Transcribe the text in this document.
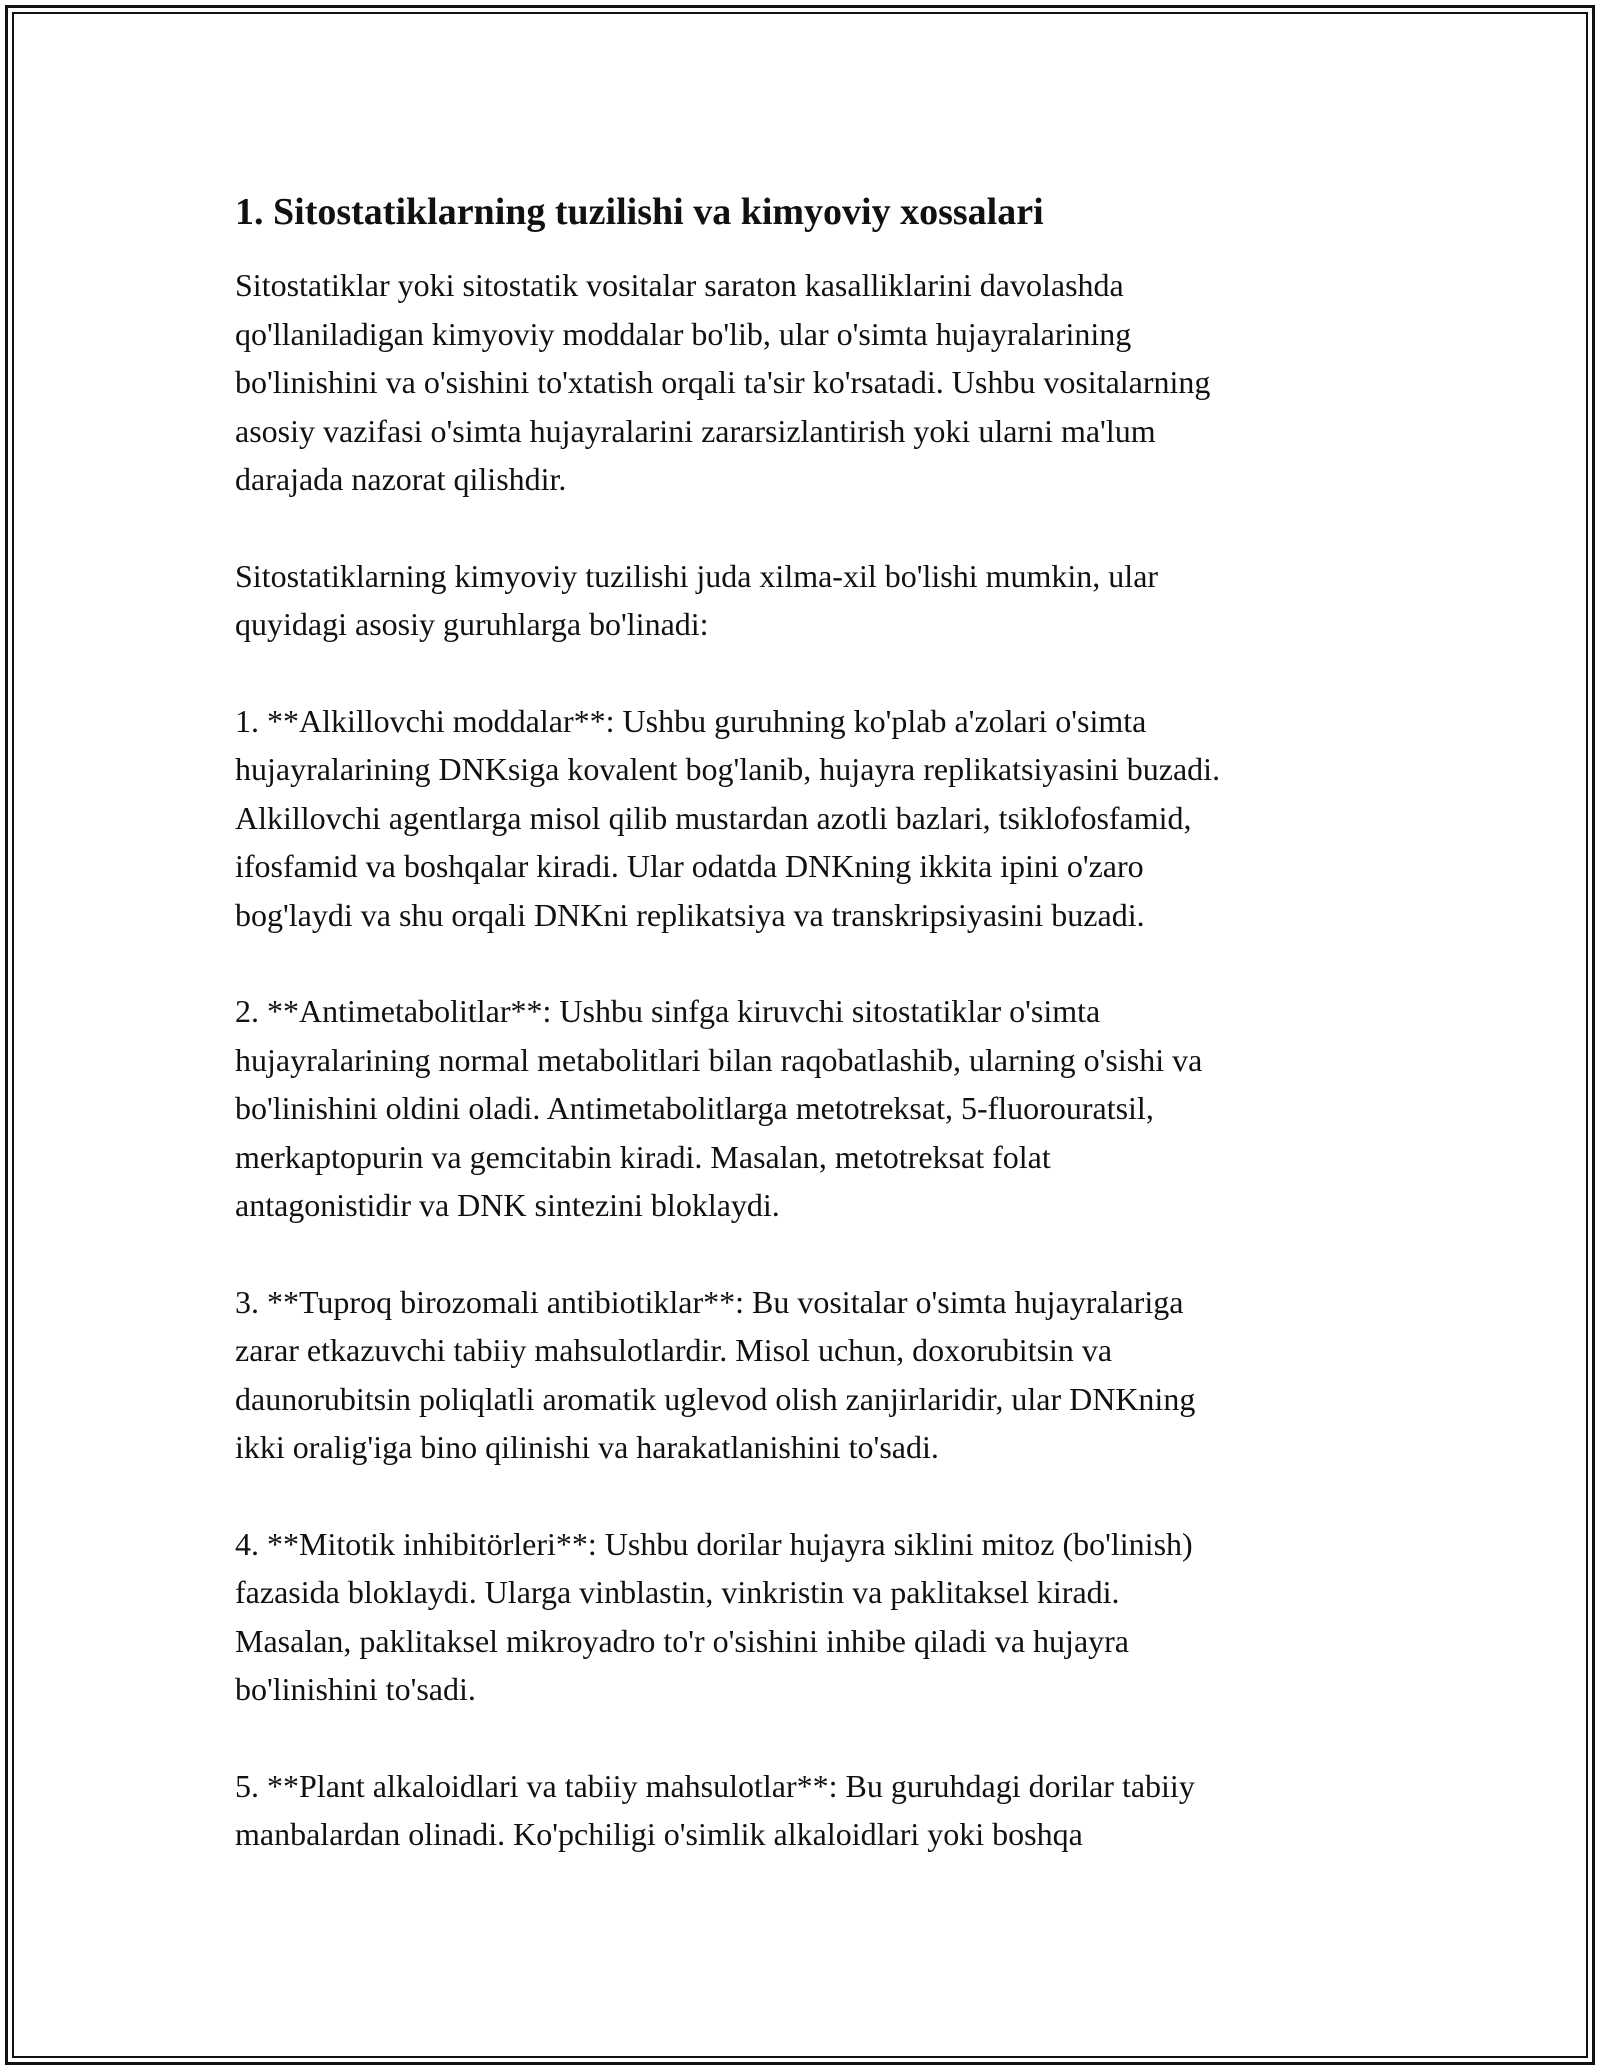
1. Sitostatiklarning tuzilishi va kimyoviy xossalari

Sitostatiklar yoki sitostatik vositalar saraton kasalliklarini davolashda
qo'llaniladigan kimyoviy moddalar bo'lib, ular o'simta hujayralarining
bo'linishini va o'sishini to'xtatish orqali ta'sir ko'rsatadi. Ushbu vositalarning
asosiy vazifasi o'simta hujayralarini zararsizlantirish yoki ularni ma'lum
darajada nazorat qilishdir.

Sitostatiklarning kimyoviy tuzilishi juda xilma-xil bo'lishi mumkin, ular
quyidagi asosiy guruhlarga bo'linadi:

1. **Alkillovchi moddalar**: Ushbu guruhning ko'plab a'zolari o'simta
hujayralarining DNKsiga kovalent bog'lanib, hujayra replikatsiyasini buzadi.
Alkillovchi agentlarga misol qilib mustardan azotli bazlari, tsiklofosfamid,
ifosfamid va boshqalar kiradi. Ular odatda DNKning ikkita ipini o'zaro
bog'laydi va shu orqali DNKni replikatsiya va transkripsiyasini buzadi.

2. **Antimetabolitlar**: Ushbu sinfga kiruvchi sitostatiklar o'simta
hujayralarining normal metabolitlari bilan raqobatlashib, ularning o'sishi va
bo'linishini oldini oladi. Antimetabolitlarga metotreksat, 5-fluorouratsil,
merkaptopurin va gemcitabin kiradi. Masalan, metotreksat folat
antagonistidir va DNK sintezini bloklaydi.

3. **Tuproq birozomali antibiotiklar**: Bu vositalar o'simta hujayralariga
zarar etkazuvchi tabiiy mahsulotlardir. Misol uchun, doxorubitsin va
daunorubitsin poliqlatli aromatik uglevod olish zanjirlaridir, ular DNKning
ikki oralig'iga bino qilinishi va harakatlanishini to'sadi.

4. **Mitotik inhibitörleri**: Ushbu dorilar hujayra siklini mitoz (bo'linish)
fazasida bloklaydi. Ularga vinblastin, vinkristin va paklitaksel kiradi.
Masalan, paklitaksel mikroyadro to'r o'sishini inhibe qiladi va hujayra
bo'linishini to'sadi.

5. **Plant alkaloidlari va tabiiy mahsulotlar**: Bu guruhdagi dorilar tabiiy
manbalardan olinadi. Ko'pchiligi o'simlik alkaloidlari yoki boshqa
